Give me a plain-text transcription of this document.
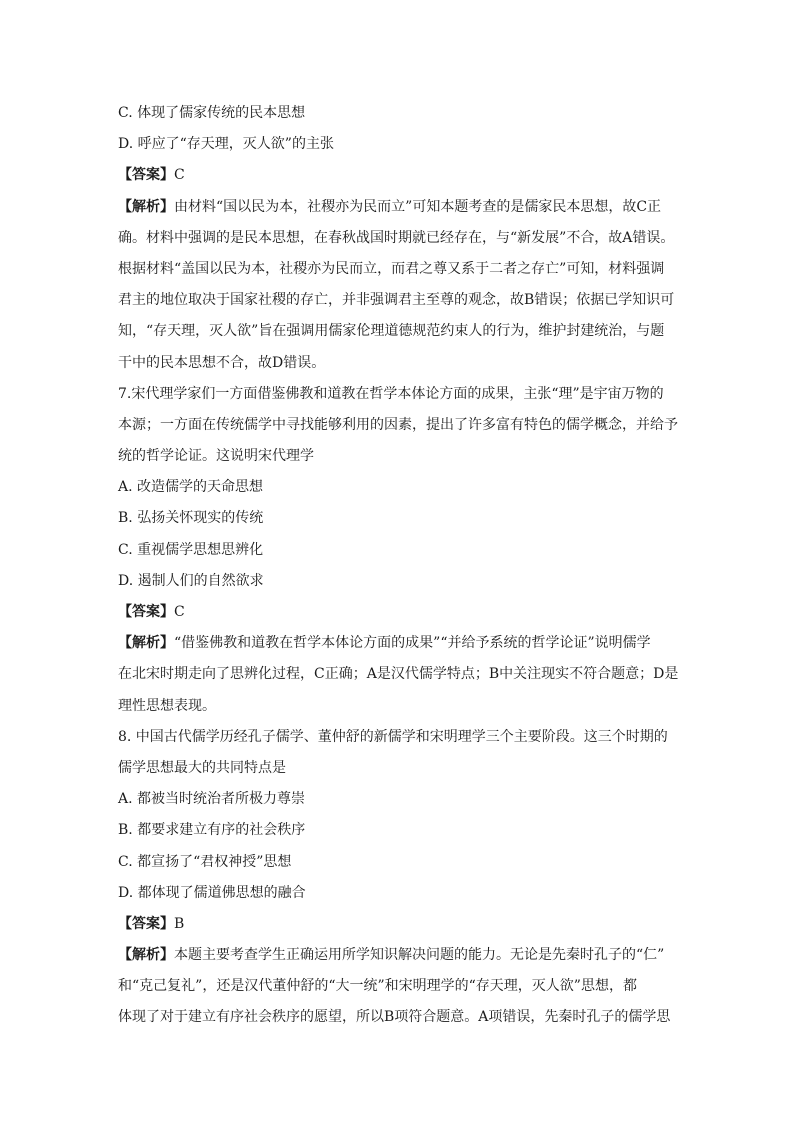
C. 体现了儒家传统的民本思想
D. 呼应了“存天理，灭人欲”的主张
【答案】C
【解析】由材料“国以民为本，社稷亦为民而立”可知本题考查的是儒家民本思想，故C正
确。材料中强调的是民本思想，在春秋战国时期就已经存在，与“新发展”不合，故A错误。
根据材料“盖国以民为本，社稷亦为民而立，而君之尊又系于二者之存亡”可知，材料强调
君主的地位取决于国家社稷的存亡，并非强调君主至尊的观念，故B错误；依据已学知识可
知，“存天理，灭人欲”旨在强调用儒家伦理道德规范约束人的行为，维护封建统治，与题
干中的民本思想不合，故D错误。
7.宋代理学家们一方面借鉴佛教和道教在哲学本体论方面的成果，主张“理”是宇宙万物的
本源；一方面在传统儒学中寻找能够利用的因素，提出了许多富有特色的儒学概念，并给予
统的哲学论证。这说明宋代理学
A. 改造儒学的天命思想
B. 弘扬关怀现实的传统
C. 重视儒学思想思辨化
D. 遏制人们的自然欲求
【答案】C
【解析】“借鉴佛教和道教在哲学本体论方面的成果”“并给予系统的哲学论证”说明儒学
在北宋时期走向了思辨化过程，C正确；A是汉代儒学特点；B中关注现实不符合题意；D是
理性思想表现。
8. 中国古代儒学历经孔子儒学、董仲舒的新儒学和宋明理学三个主要阶段。这三个时期的
儒学思想最大的共同特点是
A. 都被当时统治者所极力尊崇
B. 都要求建立有序的社会秩序
C. 都宣扬了“君权神授”思想
D. 都体现了儒道佛思想的融合
【答案】B
【解析】本题主要考查学生正确运用所学知识解决问题的能力。无论是先秦时孔子的“仁”
和“克己复礼”，还是汉代董仲舒的“大一统”和宋明理学的“存天理，灭人欲”思想，都
体现了对于建立有序社会秩序的愿望，所以B项符合题意。A项错误，先秦时孔子的儒学思
